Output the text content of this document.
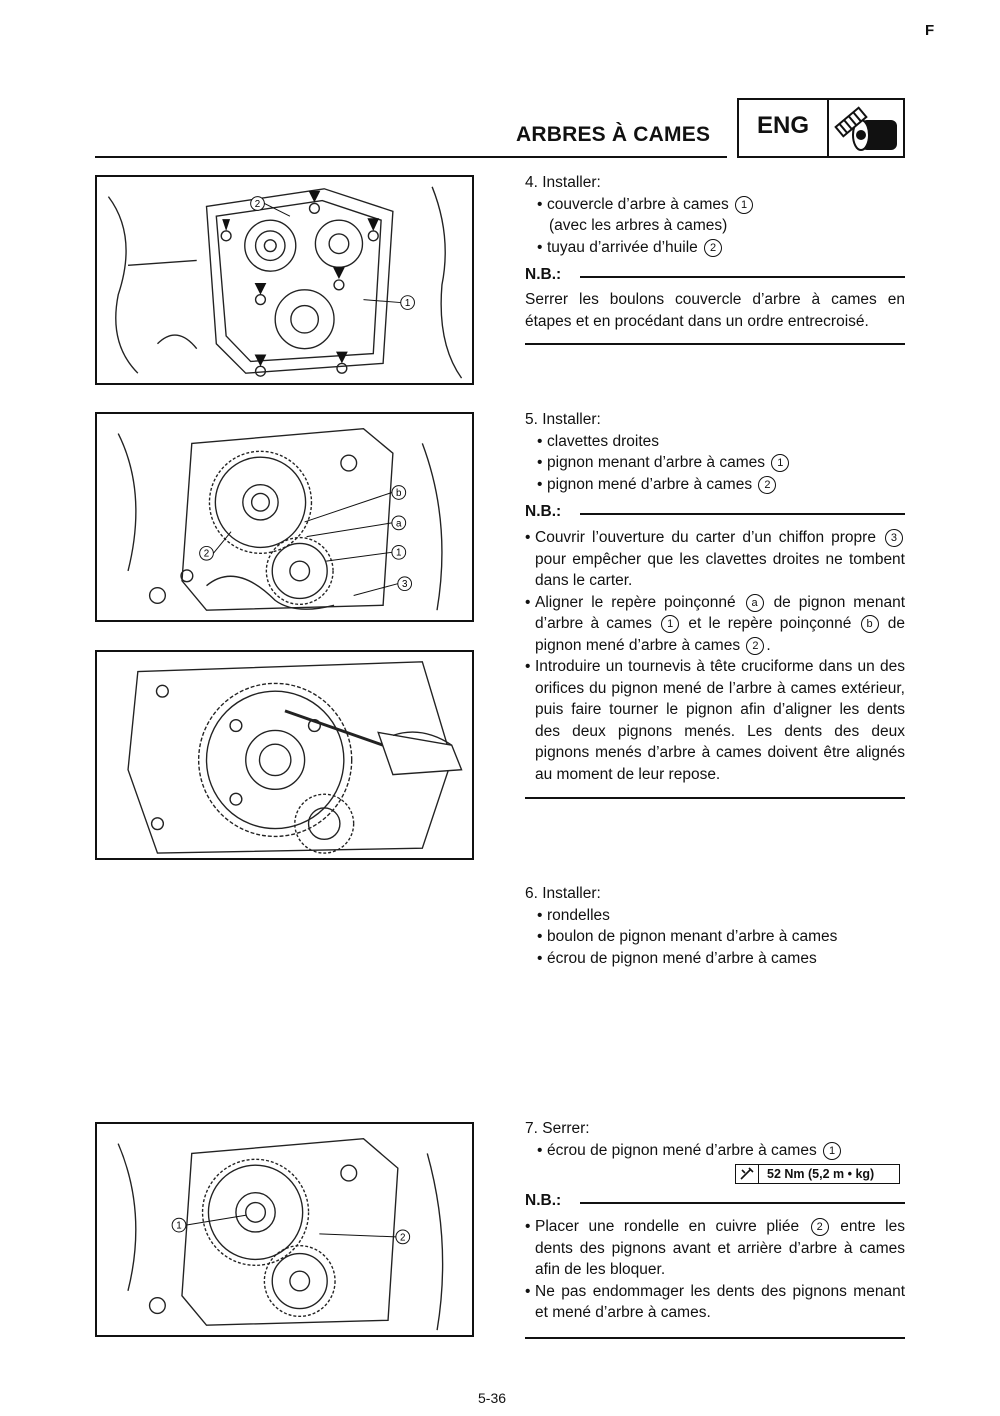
F
ARBRES À CAMES	ENG
1
2
b
a
1
3
2
1
2
4. Installer:
• couvercle d’arbre à cames 1
(avec les arbres à cames)
• tuyau d’arrivée d’huile 2
N.B.:
Serrer les boulons couvercle d’arbre à cames en étapes et en procédant dans un ordre entrecroisé.
5. Installer:
• clavettes droites
• pignon menant d’arbre à cames 1
• pignon mené d’arbre à cames 2
N.B.:
• Couvrir l’ouverture du carter d’un chiffon propre 3 pour empêcher que les clavettes droites ne tombent dans le carter.
• Aligner le repère poinçonné a de pignon menant d’arbre à cames 1 et le repère poinçonné b de pignon mené d’arbre à cames 2 .
• Introduire un tournevis à tête cruciforme dans un des orifices du pignon mené de l’arbre à cames extérieur, puis faire tourner le pignon afin d’aligner les dents des deux pignons menés. Les dents des deux pignons menés d’arbre à cames doivent être alignés au moment de leur repose.
6. Installer:
• rondelles
• boulon de pignon menant d’arbre à cames
• écrou de pignon mené d’arbre à cames
7. Serrer:
• écrou de pignon mené d’arbre à cames 1
52 Nm (5,2 m • kg)
N.B.:
• Placer une rondelle en cuivre pliée 2 entre les dents des pignons avant et arrière d’arbre à cames afin de les bloquer.
• Ne pas endommager les dents des pignons menant et mené d’arbre à cames.
5-36
